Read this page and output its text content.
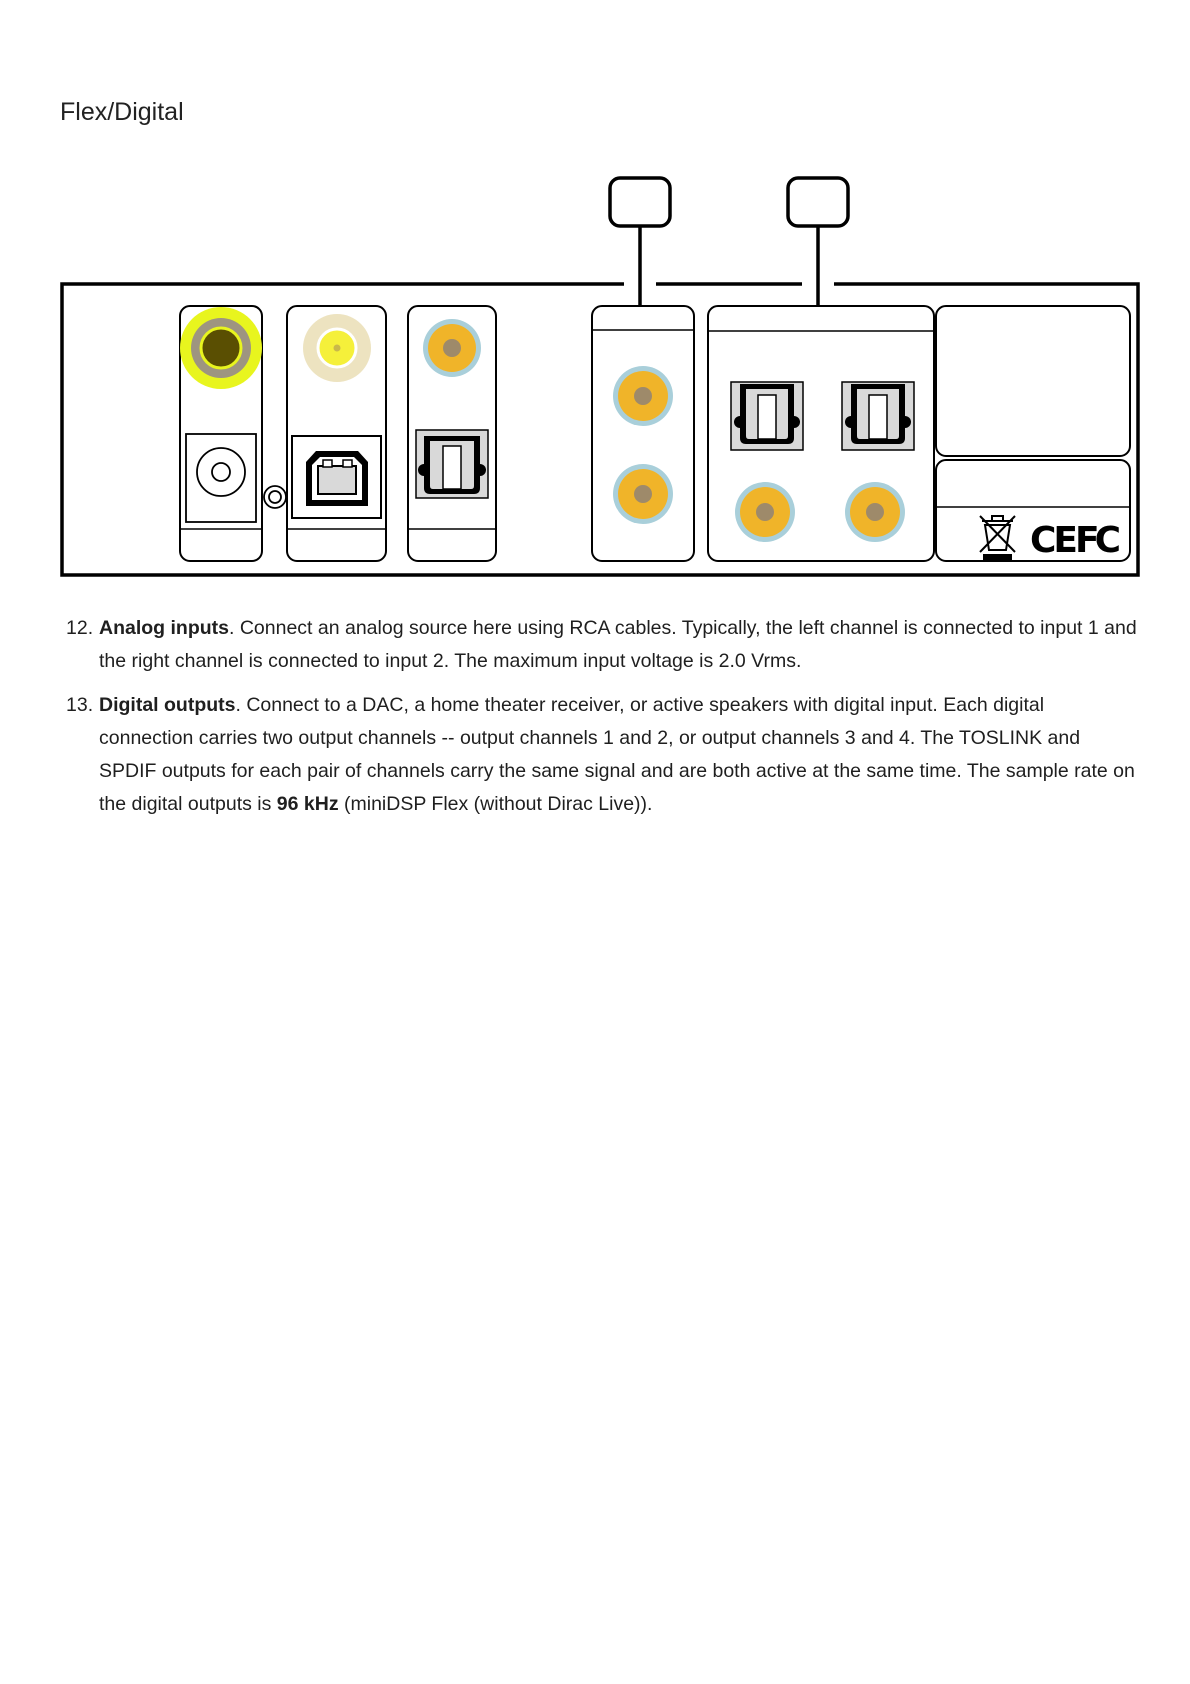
Flex/Digital
CE FC
12. Analog inputs. Connect an analog source here using RCA cables. Typically, the left channel is connected to input 1 and the right channel is connected to input 2. The maximum input voltage is 2.0 Vrms.
13. Digital outputs. Connect to a DAC, a home theater receiver, or active speakers with digital input. Each digital connection carries two output channels -- output channels 1 and 2, or output channels 3 and 4. The TOSLINK and SPDIF outputs for each pair of channels carry the same signal and are both active at the same time. The sample rate on the digital outputs is 96 kHz (miniDSP Flex (without Dirac Live)).
